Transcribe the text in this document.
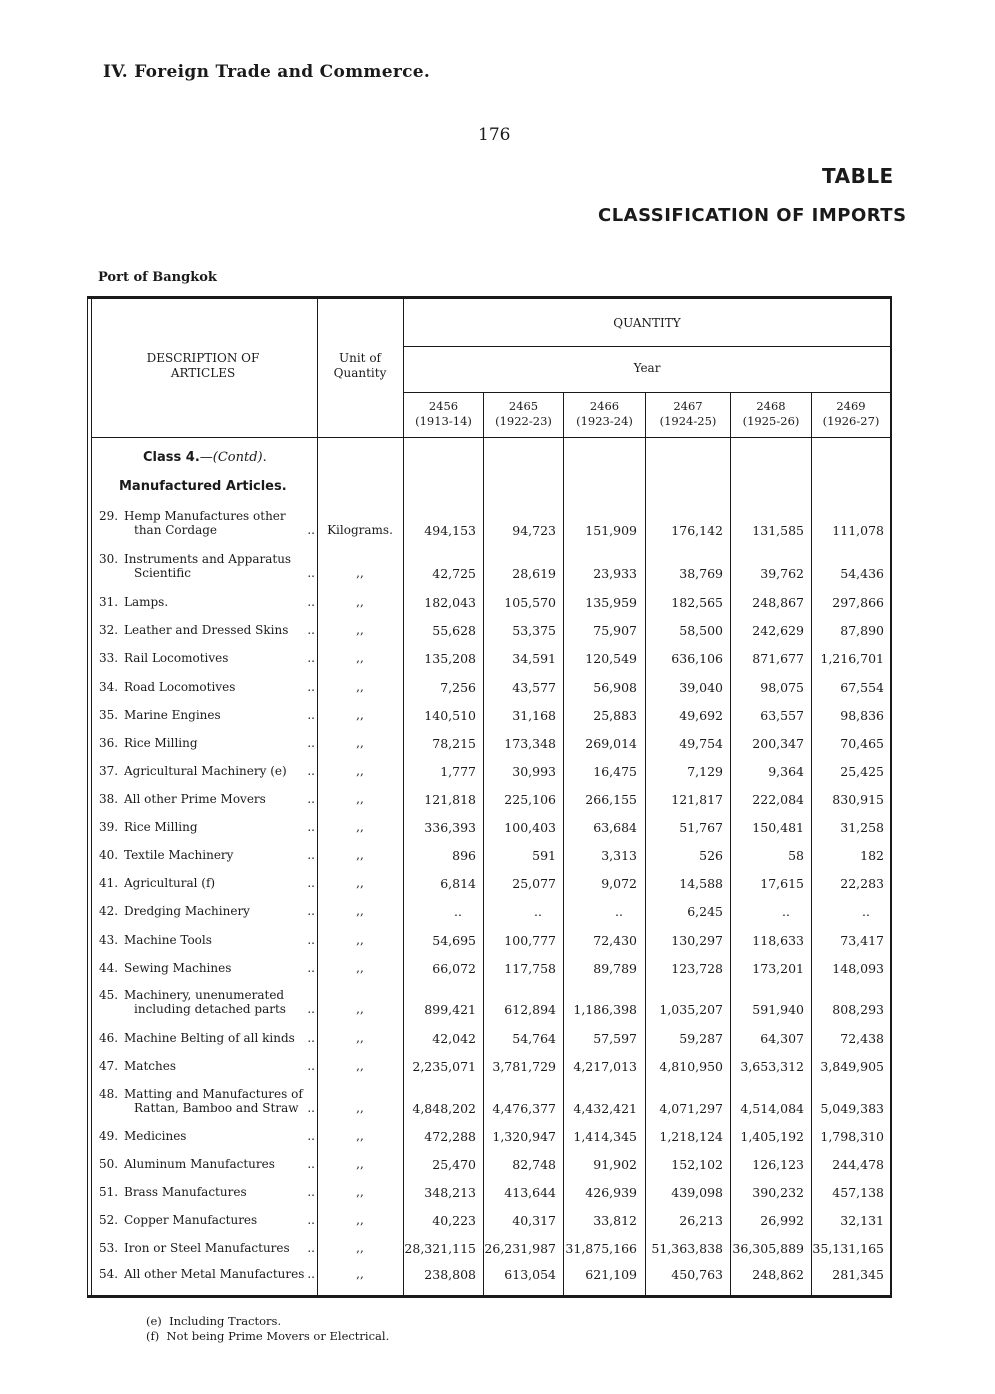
IV. Foreign Trade and Commerce.
176
TABLE
CLASSIFICATION OF IMPORTS
Port of Bangkok
DESCRIPTION OF
ARTICLES
Unit of
Quantity
QUANTITY
Year
2456
(1913-14)
2465
(1922-23)
2466
(1923-24)
2467
(1924-25)
2468
(1925-26)
2469
(1926-27)
Class 4.—(Contd).
Manufactured Articles.
29. Hemp Manufactures other
than Cordage	..	Kilograms.	494,153	94,723	151,909	176,142	131,585	111,078
30. Instruments and Apparatus
Scientific	..	,,	42,725	28,619	23,933	38,769	39,762	54,436
31. Lamps.	..	,,	182,043	105,570	135,959	182,565	248,867	297,866
32. Leather and Dressed Skins ..	,,	55,628	53,375	75,907	58,500	242,629	87,890
33. Rail Locomotives	..	,,	135,208	34,591	120,549	636,106	871,677	1,216,701
34. Road Locomotives	..	,,	7,256	43,577	56,908	39,040	98,075	67,554
35. Marine Engines	..	,,	140,510	31,168	25,883	49,692	63,557	98,836
36. Rice Milling	..	,,	78,215	173,348	269,014	49,754	200,347	70,465
37. Agricultural Machinery (e) ..	,,	1,777	30,993	16,475	7,129	9,364	25,425
38. All other Prime Movers	..	,,	121,818	225,106	266,155	121,817	222,084	830,915
39. Rice Milling	..	,,	336,393	100,403	63,684	51,767	150,481	31,258
40. Textile Machinery	..	,,	896	591	3,313	526	58	182
41. Agricultural (f)	..	,,	6,814	25,077	9,072	14,588	17,615	22,283
42. Dredging Machinery	..	,,	..	..	..	6,245	..	..
43. Machine Tools	..	,,	54,695	100,777	72,430	130,297	118,633	73,417
44. Sewing Machines	..	,,	66,072	117,758	89,789	123,728	173,201	148,093
45. Machinery, unenumerated
including detached parts ..	,,	899,421	612,894	1,186,398	1,035,207	591,940	808,293
46. Machine Belting of all kinds ..	,,	42,042	54,764	57,597	59,287	64,307	72,438
47. Matches	..	,,	2,235,071	3,781,729	4,217,013	4,810,950	3,653,312	3,849,905
48. Matting and Manufactures of
Rattan, Bamboo and Straw ..	,,	4,848,202	4,476,377	4,432,421	4,071,297	4,514,084	5,049,383
49. Medicines	..	,,	472,288	1,320,947	1,414,345	1,218,124	1,405,192	1,798,310
50. Aluminum Manufactures	..	,,	25,470	82,748	91,902	152,102	126,123	244,478
51. Brass Manufactures	..	,,	348,213	413,644	426,939	439,098	390,232	457,138
52. Copper Manufactures	..	,,	40,223	40,317	33,812	26,213	26,992	32,131
53. Iron or Steel Manufactures ..	,,	28,321,115 26,231,987 31,875,166 51,363,838 36,305,889 35,131,165
54. All other Metal Manufactures ..	,,	238,808	613,054	621,109	450,763	248,862	281,345
(e) Including Tractors.
(f) Not being Prime Movers or Electrical.
